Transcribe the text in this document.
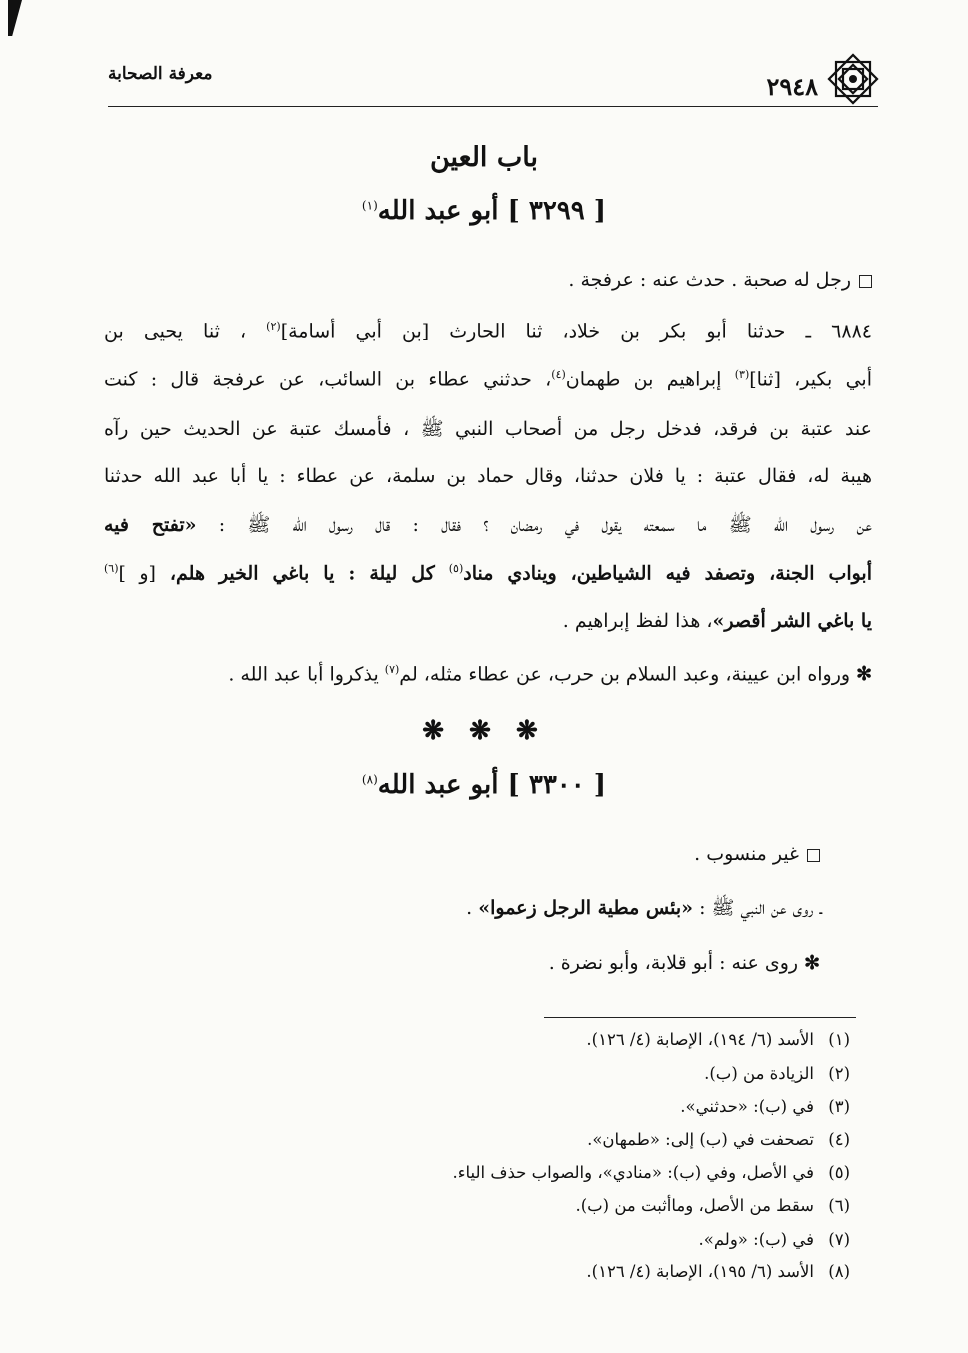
معرفة الصحابة	٢٩٤٨
باب العين
[ ٣٢٩٩ ] أبو عبد الله$^{(١)}$
رجل له صحبة . حدث عنه : عرفجة .
٦٨٨٤ ـ حدثنا أبو بكر بن خلاد، ثنا الحارث [بن أبي أسامة]$^{(٢)}$ ، ثنا يحيى بن
أبي بكير، [ثنا]$^{(٣)}$ إبراهيم بن طهمان$^{(٤)}$، حدثني عطاء بن السائب، عن عرفجة قال : كنت
عند عتبة بن فرقد، فدخل رجل من أصحاب النبي ﷺ ، فأمسك عتبة عن الحديث حين رآه
هيبة له، فقال عتبة : يا فلان حدثنا، وقال حماد بن سلمة، عن عطاء : يا أبا عبد الله حدثنا
عن رسول الله ﷺ ما سمعته يقول في رمضان ؟ فقال : قال رسول الله ﷺ : «تفتح فيه
أبواب الجنة، وتصفد فيه الشياطين، وينادي مناد$^{(٥)}$ كل ليلة : يا باغي الخير هلم، [و ]$^{(٦)}$
يا باغي الشر أقصر»، هذا لفظ إبراهيم .
✻ورواه ابن عيينة، وعبد السلام بن حرب، عن عطاء مثله، لم$^{(٧)}$ يذكروا أبا عبد الله .
❋ ❋ ❋
[ ٣٣٠٠ ] أبو عبد الله$^{(٨)}$
غير منسوب .
ـ روى عن النبي ﷺ : «بئس مطية الرجل زعموا» .
✻روى عنه : أبو قلابة، وأبو نضرة .
(١)الأسد (٦/ ١٩٤)، الإصابة (٤/ ١٢٦).
(٢)الزيادة من (ب).
(٣)في (ب): «حدثني».
(٤)تصحفت في (ب) إلى: «طمهان».
(٥)في الأصل، وفي (ب): «منادي»، والصواب حذف الياء.
(٦)سقط من الأصل، وماأثبت من (ب).
(٧)في (ب): «ولم».
(٨)الأسد (٦/ ١٩٥)، الإصابة (٤/ ١٢٦).
